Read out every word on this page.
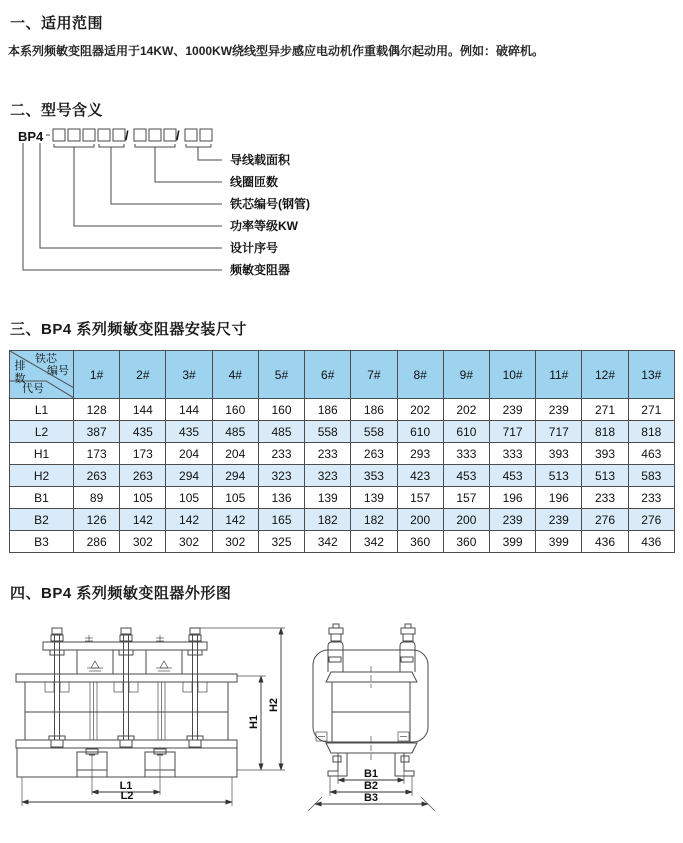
一、适用范围
本系列频敏变阻器适用于14KW、1000KW绕线型异步感应电动机作重载偶尔起动用。例如：破碎机。
二、型号含义
BP 4	/	/
导线载面积
线圈匝数
铁芯编号(钢管)
功率等级KW
设计序号
频敏变阻器
三、BP4 系列频敏变阻器安装尺寸
铁芯
编号
排数
代号	1#	2#	3#	4#	5#	6#	7#	8#	9#	10#	11#	12#	13#
L1	128	144	144	160	160	186	186	202	202	239	239	271	271
L2	387	435	435	485	485	558	558	610	610	717	717	818	818
H1	173	173	204	204	233	233	263	293	333	333	393	393	463
H2	263	263	294	294	323	323	353	423	453	453	513	513	583
B1	89	105	105	105	136	139	139	157	157	196	196	233	233
B2	126	142	142	142	165	182	182	200	200	239	239	276	276
B3	286	302	302	302	325	342	342	360	360	399	399	436	436
四、BP4 系列频敏变阻器外形图
L1
L2
H2
H1
B1
B2
B3
